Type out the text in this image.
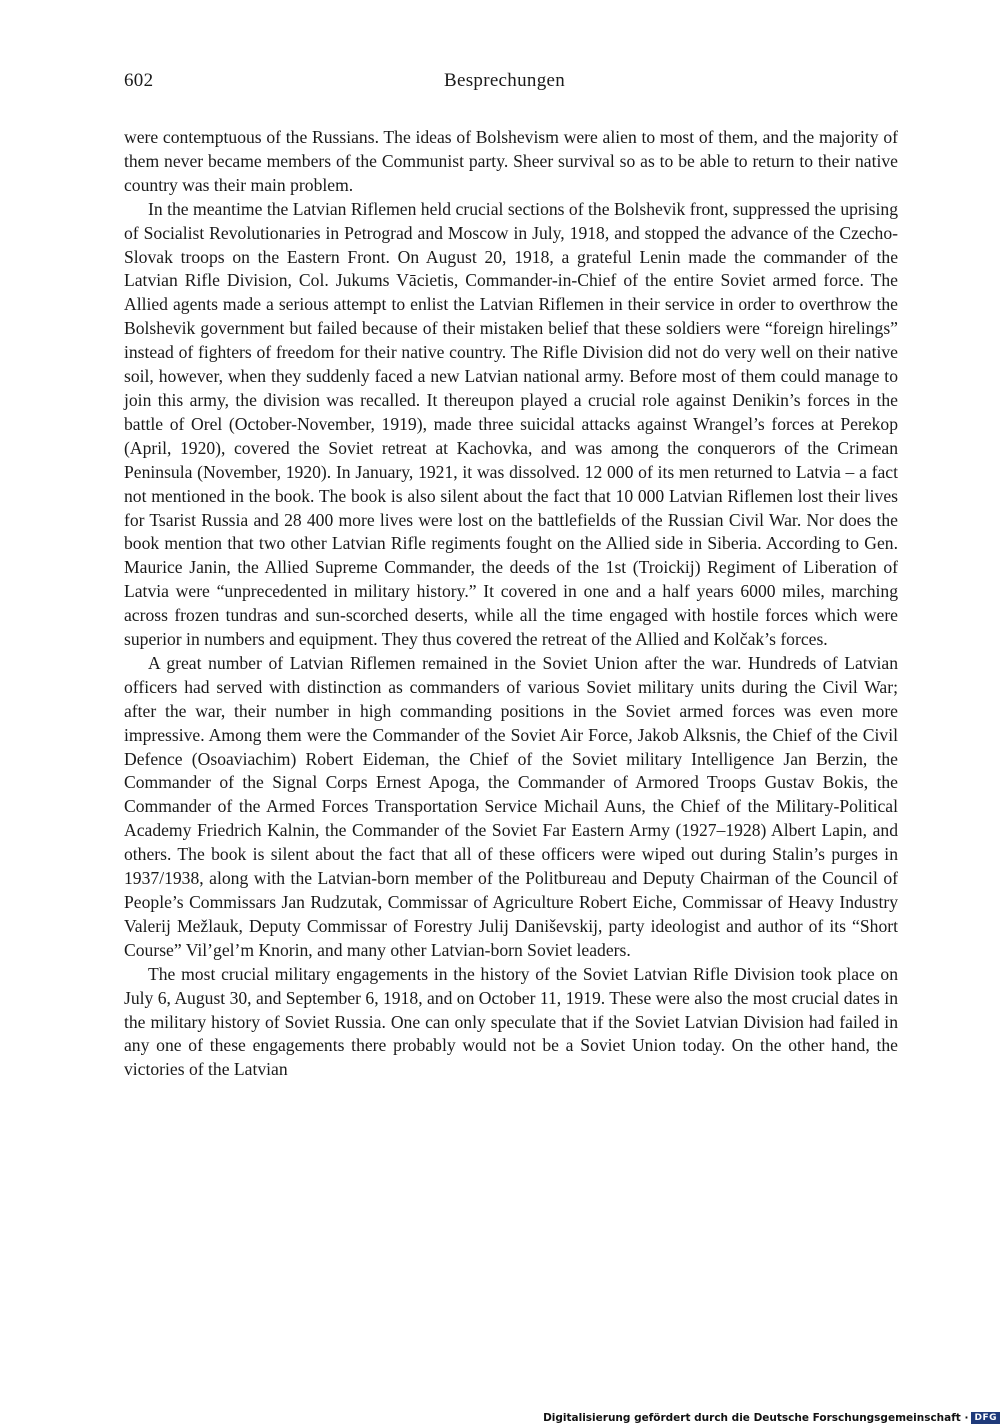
602	Besprechungen

were contemptuous of the Russians. The ideas of Bolshevism were alien to most of them, and the majority of them never became members of the Communist party. Sheer survival so as to be able to return to their native country was their main problem.

In the meantime the Latvian Riflemen held crucial sections of the Bolshevik front, suppressed the uprising of Socialist Revolutionaries in Petrograd and Moscow in July, 1918, and stopped the advance of the Czecho-Slovak troops on the Eastern Front. On August 20, 1918, a grateful Lenin made the commander of the Latvian Rifle Division, Col. Jukums Vācietis, Commander-in-Chief of the entire Soviet armed force. The Allied agents made a serious attempt to enlist the Latvian Riflemen in their service in order to overthrow the Bolshevik government but failed because of their mistaken belief that these soldiers were “foreign hirelings” instead of fighters of freedom for their native country. The Rifle Division did not do very well on their native soil, however, when they suddenly faced a new Latvian national army. Before most of them could manage to join this army, the division was recalled. It thereupon played a crucial role against Denikin’s forces in the battle of Orel (October-November, 1919), made three suicidal attacks against Wrangel’s forces at Perekop (April, 1920), covered the Soviet retreat at Kachovka, and was among the conquerors of the Crimean Peninsula (November, 1920). In January, 1921, it was dissolved. 12 000 of its men returned to Latvia – a fact not mentioned in the book. The book is also silent about the fact that 10 000 Latvian Riflemen lost their lives for Tsarist Russia and 28 400 more lives were lost on the battlefields of the Russian Civil War. Nor does the book mention that two other Latvian Rifle regiments fought on the Allied side in Siberia. According to Gen. Maurice Janin, the Allied Supreme Commander, the deeds of the 1st (Troickij) Regiment of Liberation of Latvia were “unprecedented in military history.” It covered in one and a half years 6000 miles, marching across frozen tundras and sun-scorched deserts, while all the time engaged with hostile forces which were superior in numbers and equipment. They thus covered the retreat of the Allied and Kolčak’s forces.

A great number of Latvian Riflemen remained in the Soviet Union after the war. Hundreds of Latvian officers had served with distinction as commanders of various Soviet military units during the Civil War; after the war, their number in high commanding positions in the Soviet armed forces was even more impressive. Among them were the Commander of the Soviet Air Force, Jakob Alksnis, the Chief of the Civil Defence (Osoaviachim) Robert Eideman, the Chief of the Soviet military Intelligence Jan Berzin, the Commander of the Signal Corps Ernest Apoga, the Commander of Armored Troops Gustav Bokis, the Commander of the Armed Forces Transportation Service Michail Auns, the Chief of the Military-Political Academy Friedrich Kalnin, the Commander of the Soviet Far Eastern Army (1927–1928) Albert Lapin, and others. The book is silent about the fact that all of these officers were wiped out during Stalin’s purges in 1937/1938, along with the Latvian-born member of the Politbureau and Deputy Chairman of the Council of People’s Commissars Jan Rudzutak, Commissar of Agriculture Robert Eiche, Commissar of Heavy Industry Valerij Mežlauk, Deputy Commissar of Forestry Julij Daniševskij, party ideologist and author of its “Short Course” Vil’gel’m Knorin, and many other Latvian-born Soviet leaders.

The most crucial military engagements in the history of the Soviet Latvian Rifle Division took place on July 6, August 30, and September 6, 1918, and on October 11, 1919. These were also the most crucial dates in the military history of Soviet Russia. One can only speculate that if the Soviet Latvian Division had failed in any one of these engagements there probably would not be a Soviet Union today. On the other hand, the victories of the Latvian

Digitalisierung gefördert durch die Deutsche Forschungsgemeinschaft · DFG
